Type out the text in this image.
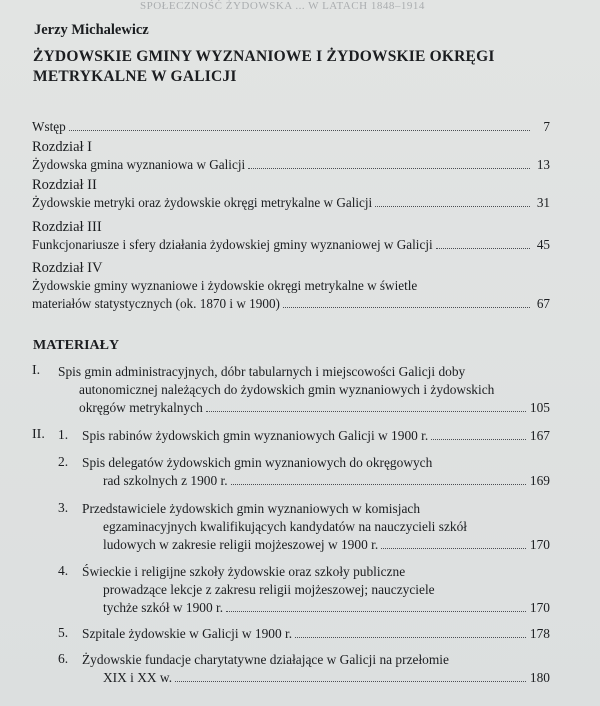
SPOŁECZNOŚĆ ŻYDOWSKA ... W LATACH 1848–1914
Jerzy Michalewicz
ŻYDOWSKIE GMINY WYZNANIOWE I ŻYDOWSKIE OKRĘGI METRYKALNE W GALICJI
Wstęp	7
Rozdział I
Żydowska gmina wyznaniowa w Galicji	13
Rozdział II
Żydowskie metryki oraz żydowskie okręgi metrykalne w Galicji	31
Rozdział III
Funkcjonariusze i sfery działania żydowskiej gminy wyznaniowej w Galicji	45
Rozdział IV
Żydowskie gminy wyznaniowe i żydowskie okręgi metrykalne w świetle
materiałów statystycznych (ok. 1870 i w 1900)	67
MATERIAŁY
I. Spis gmin administracyjnych, dóbr tabularnych i miejscowości Galicji doby
autonomicznej należących do żydowskich gmin wyznaniowych i żydowskich
okręgów metrykalnych	105
II. 1. Spis rabinów żydowskich gmin wyznaniowych Galicji w 1900 r.	167
2. Spis delegatów żydowskich gmin wyznaniowych do okręgowych
rad szkolnych z 1900 r.	169
3. Przedstawiciele żydowskich gmin wyznaniowych w komisjach
egzaminacyjnych kwalifikujących kandydatów na nauczycieli szkół
ludowych w zakresie religii mojżeszowej w 1900 r.	170
4. Świeckie i religijne szkoły żydowskie oraz szkoły publiczne
prowadzące lekcje z zakresu religii mojżeszowej; nauczyciele
tychże szkół w 1900 r.	170
5. Szpitale żydowskie w Galicji w 1900 r.	178
6. Żydowskie fundacje charytatywne działające w Galicji na przełomie
XIX i XX w.	180
